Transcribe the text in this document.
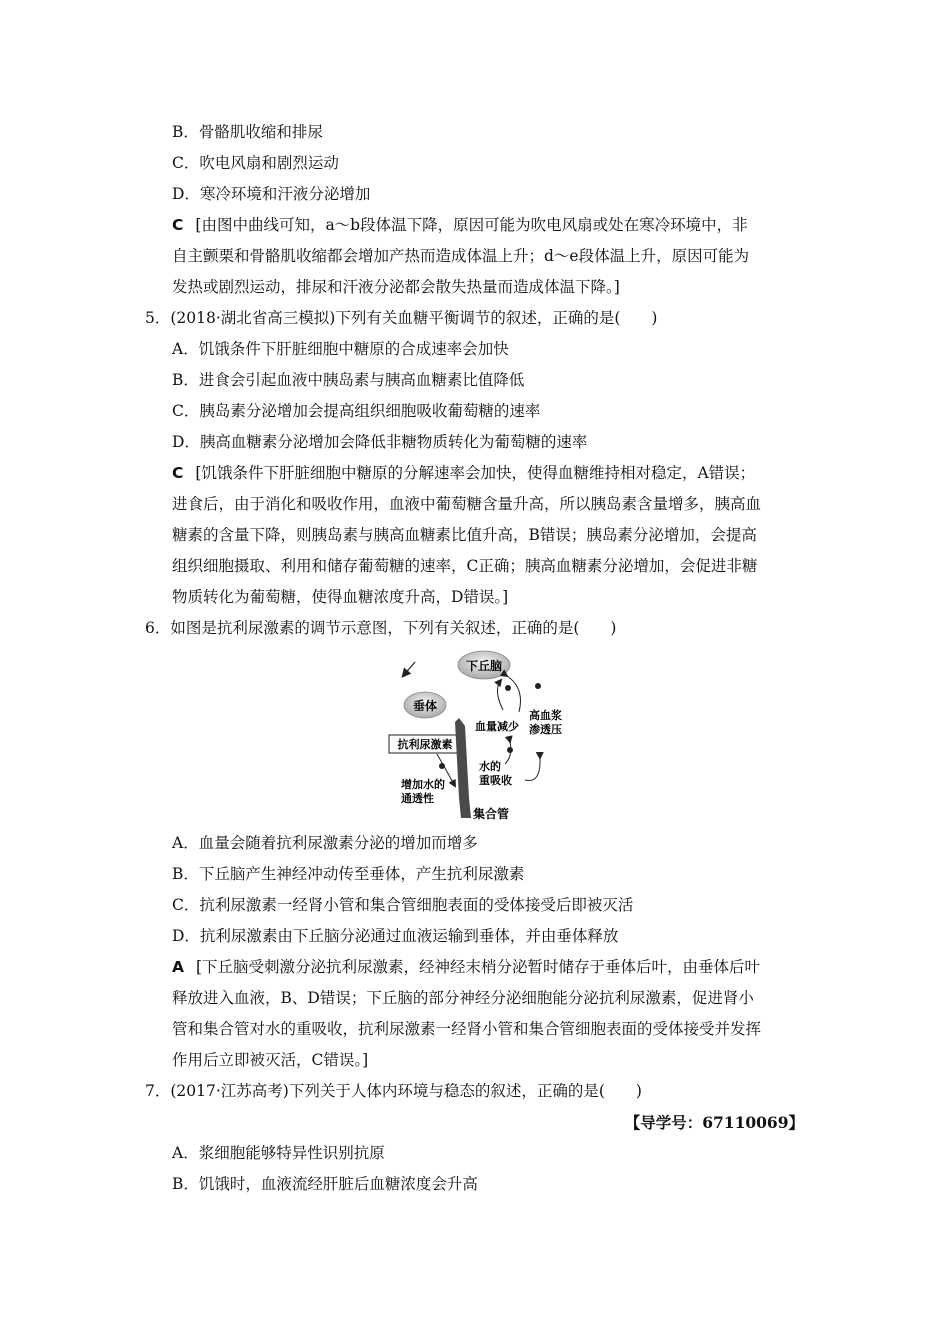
B．骨骼肌收缩和排尿
C．吹电风扇和剧烈运动
D．寒冷环境和汗液分泌增加
C [由图中曲线可知，a～b段体温下降，原因可能为吹电风扇或处在寒冷环境中，非
自主颤栗和骨骼肌收缩都会增加产热而造成体温上升；d～e段体温上升，原因可能为
发热或剧烈运动，排尿和汗液分泌都会散失热量而造成体温下降。]
5．(2018·湖北省高三模拟)下列有关血糖平衡调节的叙述，正确的是(　　)
A．饥饿条件下肝脏细胞中糖原的合成速率会加快
B．进食会引起血液中胰岛素与胰高血糖素比值降低
C．胰岛素分泌增加会提高组织细胞吸收葡萄糖的速率
D．胰高血糖素分泌增加会降低非糖物质转化为葡萄糖的速率
C [饥饿条件下肝脏细胞中糖原的分解速率会加快，使得血糖维持相对稳定，A错误；
进食后，由于消化和吸收作用，血液中葡萄糖含量升高，所以胰岛素含量增多，胰高血
糖素的含量下降，则胰岛素与胰高血糖素比值升高，B错误；胰岛素分泌增加，会提高
组织细胞摄取、利用和储存葡萄糖的速率，C正确；胰高血糖素分泌增加，会促进非糖
物质转化为葡萄糖，使得血糖浓度升高，D错误。]
6．如图是抗利尿激素的调节示意图，下列有关叙述，正确的是(　　)
下丘脑
垂体
抗利尿激素
血量减少
高血浆
渗透压
水的
重吸收
增加水的
通透性
集合管
A．血量会随着抗利尿激素分泌的增加而增多
B．下丘脑产生神经冲动传至垂体，产生抗利尿激素
C．抗利尿激素一经肾小管和集合管细胞表面的受体接受后即被灭活
D．抗利尿激素由下丘脑分泌通过血液运输到垂体，并由垂体释放
A [下丘脑受刺激分泌抗利尿激素，经神经末梢分泌暂时储存于垂体后叶，由垂体后叶
释放进入血液，B、D错误；下丘脑的部分神经分泌细胞能分泌抗利尿激素，促进肾小
管和集合管对水的重吸收，抗利尿激素一经肾小管和集合管细胞表面的受体接受并发挥
作用后立即被灭活，C错误。]
7．(2017·江苏高考)下列关于人体内环境与稳态的叙述，正确的是(　　)
【导学号：67110069】
A．浆细胞能够特异性识别抗原
B．饥饿时，血液流经肝脏后血糖浓度会升高
